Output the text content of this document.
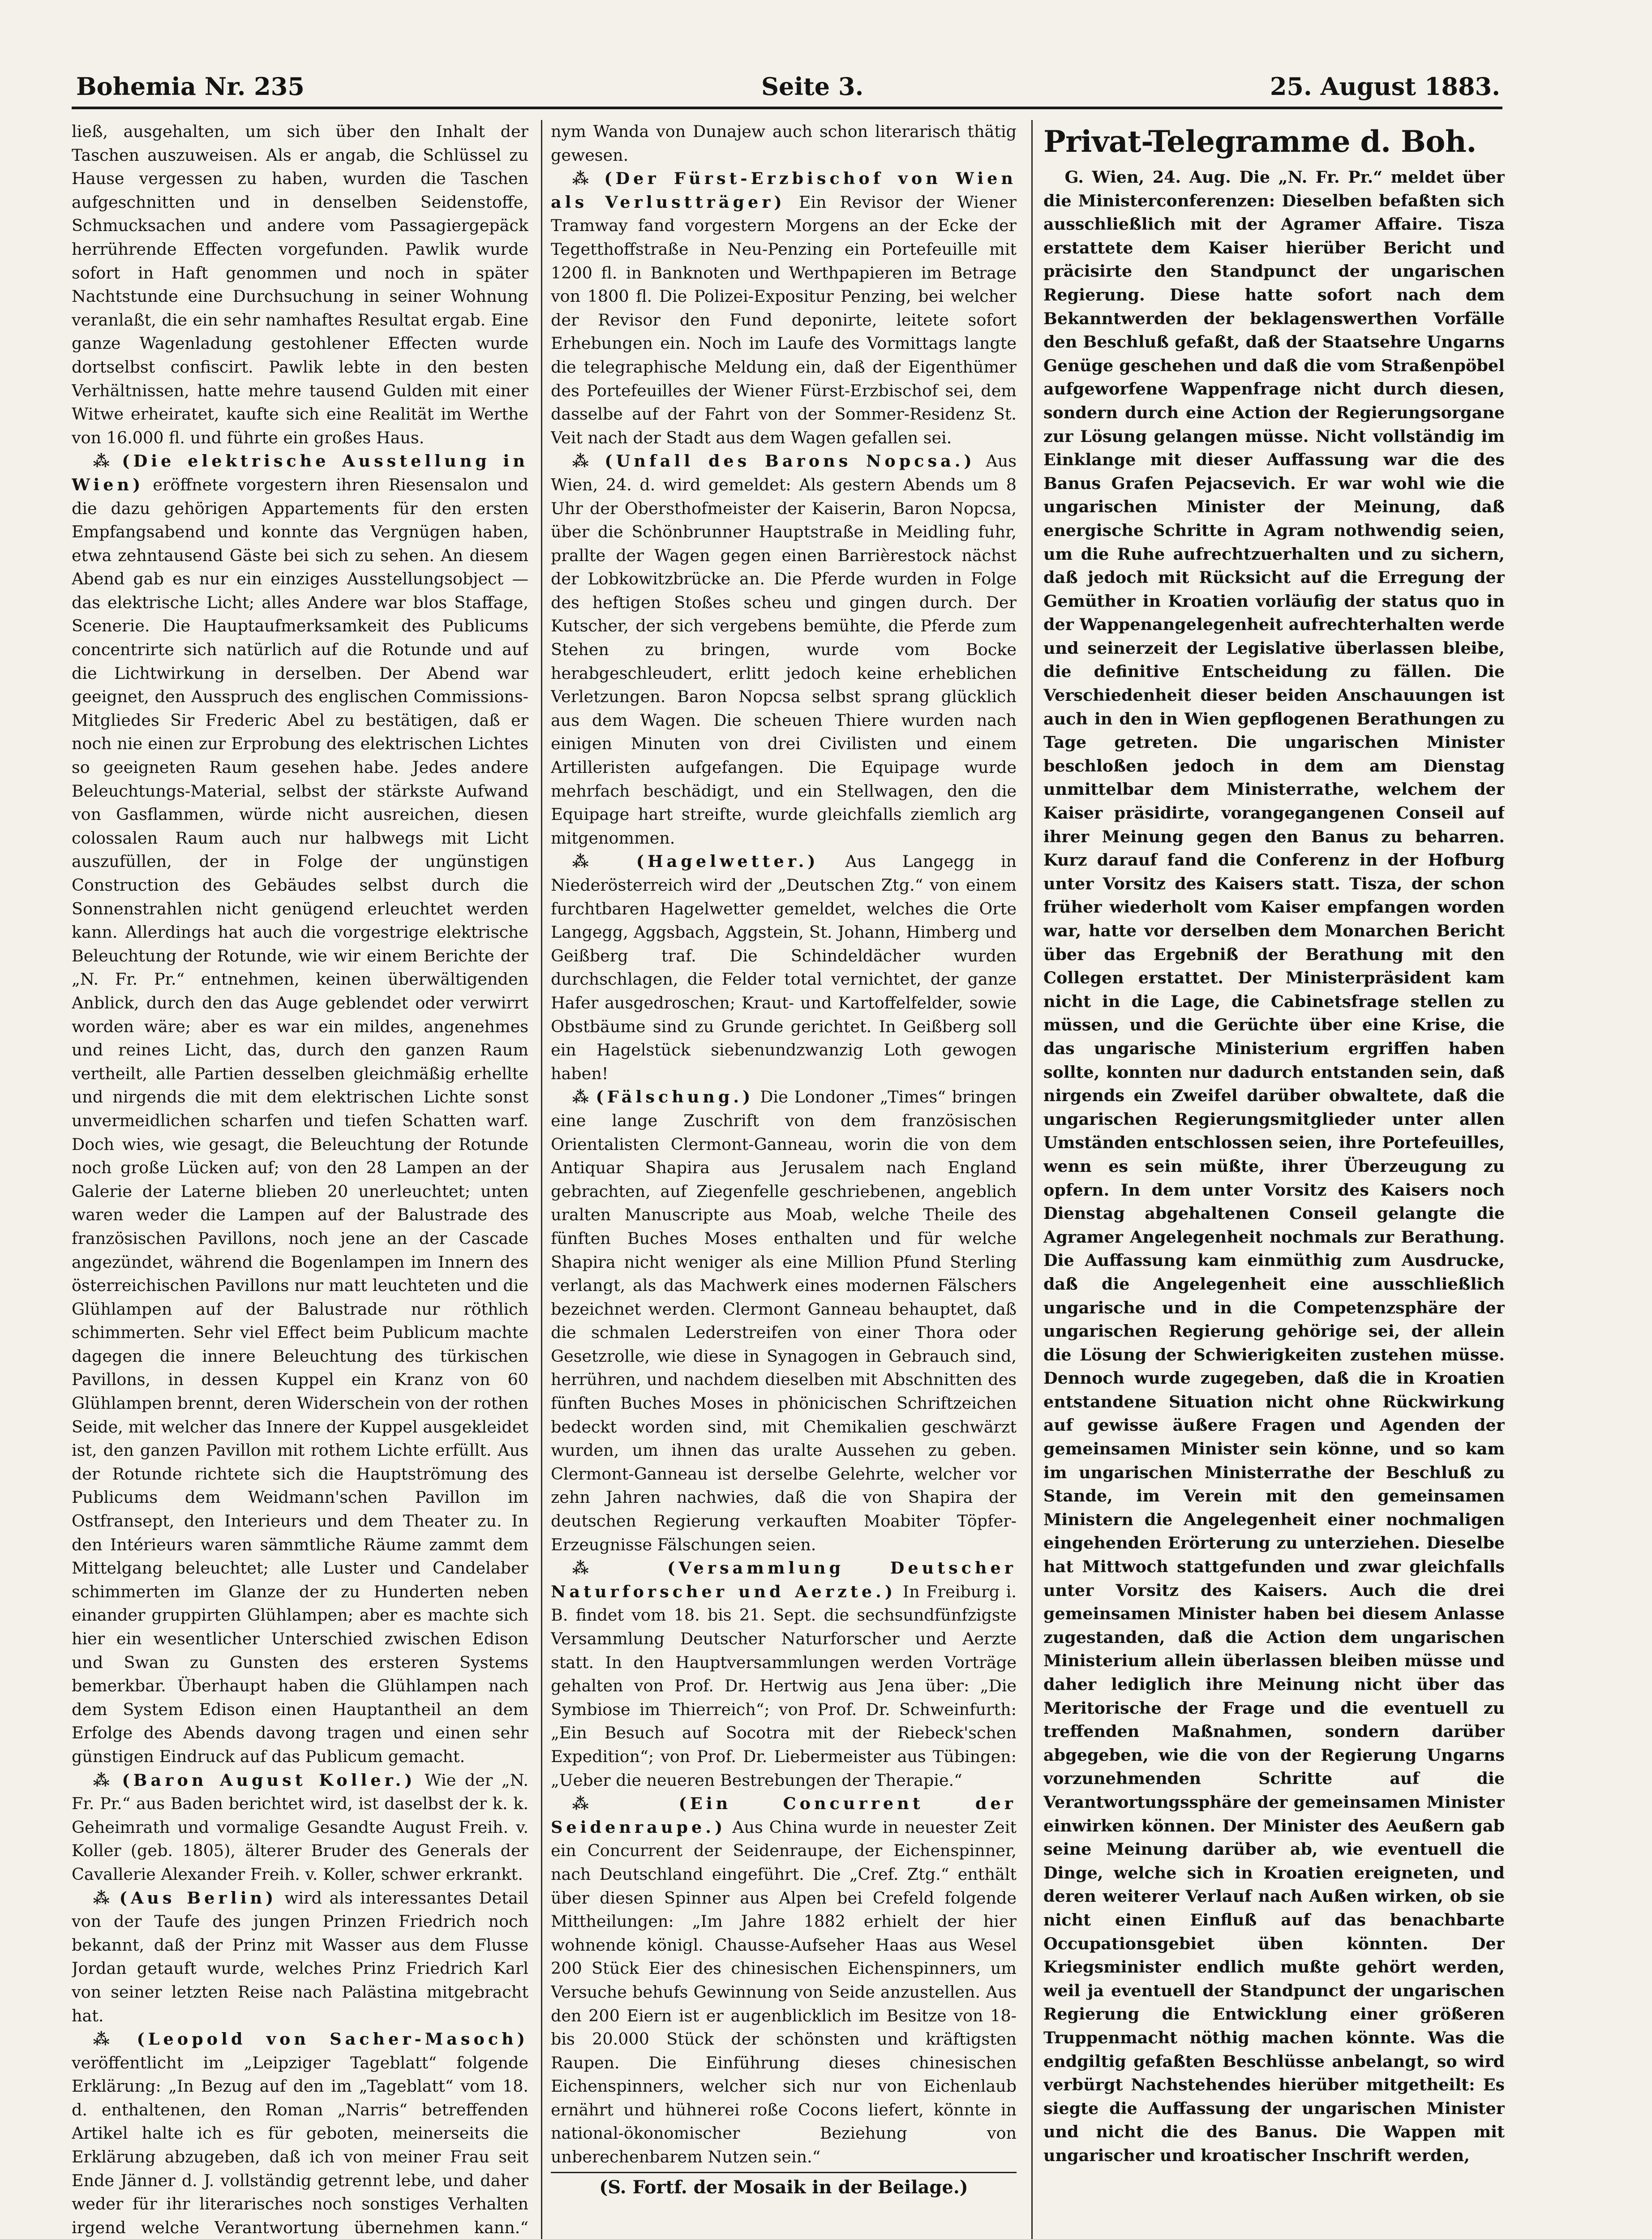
Bohemia Nr. 235	Seite 3.	25. August 1883.

ließ, ausgehalten, um sich über den Inhalt der Taschen auszuweisen. Als er angab, die Schlüssel zu Hause vergessen zu haben, wurden die Taschen aufgeschnitten und in denselben Seidenstoffe, Schmucksachen und andere vom Passagiergepäck herrührende Effecten vorgefunden. Pawlik wurde sofort in Haft genommen und noch in später Nachtstunde eine Durchsuchung in seiner Wohnung veranlaßt, die ein sehr namhaftes Resultat ergab. Eine ganze Wagenladung gestohlener Effecten wurde dortselbst confiscirt. Pawlik lebte in den besten Verhältnissen, hatte mehre tausend Gulden mit einer Witwe erheiratet, kaufte sich eine Realität im Werthe von 16.000 fl. und führte ein großes Haus.

⁂ (Die elektrische Ausstellung in Wien) eröffnete vorgestern ihren Riesensalon und die dazu gehörigen Appartements für den ersten Empfangsabend und konnte das Vergnügen haben, etwa zehntausend Gäste bei sich zu sehen. An diesem Abend gab es nur ein einziges Ausstellungsobject — das elektrische Licht; alles Andere war blos Staffage, Scenerie. Die Hauptaufmerksamkeit des Publicums concentrirte sich natürlich auf die Rotunde und auf die Lichtwirkung in derselben. Der Abend war geeignet, den Ausspruch des englischen Commissions-Mitgliedes Sir Frederic Abel zu bestätigen, daß er noch nie einen zur Erprobung des elektrischen Lichtes so geeigneten Raum gesehen habe. Jedes andere Beleuchtungs-Material, selbst der stärkste Aufwand von Gasflammen, würde nicht ausreichen, diesen colossalen Raum auch nur halbwegs mit Licht auszufüllen, der in Folge der ungünstigen Construction des Gebäudes selbst durch die Sonnenstrahlen nicht genügend erleuchtet werden kann. Allerdings hat auch die vorgestrige elektrische Beleuchtung der Rotunde, wie wir einem Berichte der „N. Fr. Pr.“ entnehmen, keinen überwältigenden Anblick, durch den das Auge geblendet oder verwirrt worden wäre; aber es war ein mildes, angenehmes und reines Licht, das, durch den ganzen Raum vertheilt, alle Partien desselben gleichmäßig erhellte und nirgends die mit dem elektrischen Lichte sonst unvermeidlichen scharfen und tiefen Schatten warf. Doch wies, wie gesagt, die Beleuchtung der Rotunde noch große Lücken auf; von den 28 Lampen an der Galerie der Laterne blieben 20 unerleuchtet; unten waren weder die Lampen auf der Balustrade des französischen Pavillons, noch jene an der Cascade angezündet, während die Bogenlampen im Innern des österreichischen Pavillons nur matt leuchteten und die Glühlampen auf der Balustrade nur röthlich schimmerten. Sehr viel Effect beim Publicum machte dagegen die innere Beleuchtung des türkischen Pavillons, in dessen Kuppel ein Kranz von 60 Glühlampen brennt, deren Widerschein von der rothen Seide, mit welcher das Innere der Kuppel ausgekleidet ist, den ganzen Pavillon mit rothem Lichte erfüllt. Aus der Rotunde richtete sich die Hauptströmung des Publicums dem Weidmann'schen Pavillon im Ostfransept, den Interieurs und dem Theater zu. In den Intérieurs waren sämmtliche Räume zammt dem Mittelgang beleuchtet; alle Luster und Candelaber schimmerten im Glanze der zu Hunderten neben einander gruppirten Glühlampen; aber es machte sich hier ein wesentlicher Unterschied zwischen Edison und Swan zu Gunsten des ersteren Systems bemerkbar. Überhaupt haben die Glühlampen nach dem System Edison einen Hauptantheil an dem Erfolge des Abends davong tragen und einen sehr günstigen Eindruck auf das Publicum gemacht.

⁂ (Baron August Koller.) Wie der „N. Fr. Pr.“ aus Baden berichtet wird, ist daselbst der k. k. Geheimrath und vormalige Gesandte August Freih. v. Koller (geb. 1805), älterer Bruder des Generals der Cavallerie Alexander Freih. v. Koller, schwer erkrankt.

⁂ (Aus Berlin) wird als interessantes Detail von der Taufe des jungen Prinzen Friedrich noch bekannt, daß der Prinz mit Wasser aus dem Flusse Jordan getauft wurde, welches Prinz Friedrich Karl von seiner letzten Reise nach Palästina mitgebracht hat.

⁂ (Leopold von Sacher-Masoch) veröffentlicht im „Leipziger Tageblatt“ folgende Erklärung: „In Bezug auf den im „Tageblatt“ vom 18. d. enthaltenen, den Roman „Narris“ betreffenden Artikel halte ich es für geboten, meinerseits die Erklärung abzugeben, daß ich von meiner Frau seit Ende Jänner d. J. vollständig getrennt lebe, und daher weder für ihr literarisches noch sonstiges Verhalten irgend welche Verantwortung übernehmen kann.“

nym Wanda von Dunajew auch schon literarisch thätig gewesen.

⁂ (Der Fürst-Erzbischof von Wien als Verlustträger) Ein Revisor der Wiener Tramway fand vorgestern Morgens an der Ecke der Tegetthoffstraße in Neu-Penzing ein Portefeuille mit 1200 fl. in Banknoten und Werthpapieren im Betrage von 1800 fl. Die Polizei-Expositur Penzing, bei welcher der Revisor den Fund deponirte, leitete sofort Erhebungen ein. Noch im Laufe des Vormittags langte die telegraphische Meldung ein, daß der Eigenthümer des Portefeuilles der Wiener Fürst-Erzbischof sei, dem dasselbe auf der Fahrt von der Sommer-Residenz St. Veit nach der Stadt aus dem Wagen gefallen sei.

⁂ (Unfall des Barons Nopcsa.) Aus Wien, 24. d. wird gemeldet: Als gestern Abends um 8 Uhr der Obersthofmeister der Kaiserin, Baron Nopcsa, über die Schönbrunner Hauptstraße in Meidling fuhr, prallte der Wagen gegen einen Barrièrestock nächst der Lobkowitzbrücke an. Die Pferde wurden in Folge des heftigen Stoßes scheu und gingen durch. Der Kutscher, der sich vergebens bemühte, die Pferde zum Stehen zu bringen, wurde vom Bocke herabgeschleudert, erlitt jedoch keine erheblichen Verletzungen. Baron Nopcsa selbst sprang glücklich aus dem Wagen. Die scheuen Thiere wurden nach einigen Minuten von drei Civilisten und einem Artilleristen aufgefangen. Die Equipage wurde mehrfach beschädigt, und ein Stellwagen, den die Equipage hart streifte, wurde gleichfalls ziemlich arg mitgenommen.

⁂ (Hagelwetter.) Aus Langegg in Niederösterreich wird der „Deutschen Ztg.“ von einem furchtbaren Hagelwetter gemeldet, welches die Orte Langegg, Aggsbach, Aggstein, St. Johann, Himberg und Geißberg traf. Die Schindeldächer wurden durchschlagen, die Felder total vernichtet, der ganze Hafer ausgedroschen; Kraut- und Kartoffelfelder, sowie Obstbäume sind zu Grunde gerichtet. In Geißberg soll ein Hagelstück siebenundzwanzig Loth gewogen haben!

⁂ (Fälschung.) Die Londoner „Times“ bringen eine lange Zuschrift von dem französischen Orientalisten Clermont-Ganneau, worin die von dem Antiquar Shapira aus Jerusalem nach England gebrachten, auf Ziegenfelle geschriebenen, angeblich uralten Manuscripte aus Moab, welche Theile des fünften Buches Moses enthalten und für welche Shapira nicht weniger als eine Million Pfund Sterling verlangt, als das Machwerk eines modernen Fälschers bezeichnet werden. Clermont Ganneau behauptet, daß die schmalen Lederstreifen von einer Thora oder Gesetzrolle, wie diese in Synagogen in Gebrauch sind, herrühren, und nachdem dieselben mit Abschnitten des fünften Buches Moses in phönicischen Schriftzeichen bedeckt worden sind, mit Chemikalien geschwärzt wurden, um ihnen das uralte Aussehen zu geben. Clermont-Ganneau ist derselbe Gelehrte, welcher vor zehn Jahren nachwies, daß die von Shapira der deutschen Regierung verkauften Moabiter Töpfer-Erzeugnisse Fälschungen seien.

⁂	(Versammlung Deutscher Naturforscher und Aerzte.) In Freiburg i. B. findet vom 18. bis 21. Sept. die sechsundfünfzigste Versammlung Deutscher Naturforscher und Aerzte statt. In den Hauptversammlungen werden Vorträge gehalten von Prof. Dr. Hertwig aus Jena über: „Die Symbiose im Thierreich“; von Prof. Dr. Schweinfurth: „Ein Besuch auf Socotra mit der Riebeck'schen Expedition“; von Prof. Dr. Liebermeister aus Tübingen: „Ueber die neueren Bestrebungen der Therapie.“

⁂	(Ein Concurrent der Seidenraupe.) Aus China wurde in neuester Zeit ein Concurrent der Seidenraupe, der Eichenspinner, nach Deutschland eingeführt. Die „Cref. Ztg.“ enthält über diesen Spinner aus Alpen bei Crefeld folgende Mittheilungen: „Im Jahre 1882 erhielt der hier wohnende königl. Chausse-Aufseher Haas aus Wesel 200 Stück Eier des chinesischen Eichenspinners, um Versuche behufs Gewinnung von Seide anzustellen. Aus den 200 Eiern ist er augenblicklich im Besitze von 18- bis 20.000 Stück der schönsten und kräftigsten Raupen. Die Einführung dieses chinesischen Eichenspinners, welcher sich nur von Eichenlaub ernährt und hühnerei roße Cocons liefert, könnte in national-ökonomischer Beziehung von unberechenbarem Nutzen sein.“

(S. Fortf. der Mosaik in der Beilage.)
Privat-Telegramme d. Boh.

G. Wien, 24. Aug. Die „N. Fr. Pr.“ meldet über die Ministerconferenzen: Dieselben befaßten sich ausschließlich mit der Agramer Affaire. Tisza erstattete dem Kaiser hierüber Bericht und präcisirte den Standpunct der ungarischen Regierung. Diese hatte sofort nach dem Bekanntwerden der beklagenswerthen Vorfälle den Beschluß gefaßt, daß der Staatsehre Ungarns Genüge geschehen und daß die vom Straßenpöbel aufgeworfene Wappenfrage nicht durch diesen, sondern durch eine Action der Regierungsorgane zur Lösung gelangen müsse. Nicht vollständig im Einklange mit dieser Auffassung war die des Banus Grafen Pejacsevich. Er war wohl wie die ungarischen Minister der Meinung, daß energische Schritte in Agram nothwendig seien, um die Ruhe aufrechtzuerhalten und zu sichern, daß jedoch mit Rücksicht auf die Erregung der Gemüther in Kroatien vorläufig der status quo in der Wappenangelegenheit aufrechterhalten werde und seinerzeit der Legislative überlassen bleibe, die definitive Entscheidung zu fällen. Die Verschiedenheit dieser beiden Anschauungen ist auch in den in Wien gepflogenen Berathungen zu Tage getreten. Die ungarischen Minister beschloßen jedoch in dem am Dienstag unmittelbar dem Ministerrathe, welchem der Kaiser präsidirte, vorangegangenen Conseil auf ihrer Meinung gegen den Banus zu beharren. Kurz darauf fand die Conferenz in der Hofburg unter Vorsitz des Kaisers statt. Tisza, der schon früher wiederholt vom Kaiser empfangen worden war, hatte vor derselben dem Monarchen Bericht über das Ergebniß der Berathung mit den Collegen erstattet. Der Ministerpräsident kam nicht in die Lage, die Cabinetsfrage stellen zu müssen, und die Gerüchte über eine Krise, die das ungarische Ministerium ergriffen haben sollte, konnten nur dadurch entstanden sein, daß nirgends ein Zweifel darüber obwaltete, daß die ungarischen Regierungsmitglieder unter allen Umständen entschlossen seien, ihre Portefeuilles, wenn es sein müßte, ihrer Überzeugung zu opfern. In dem unter Vorsitz des Kaisers noch Dienstag abgehaltenen Conseil gelangte die Agramer Angelegenheit nochmals zur Berathung. Die Auffassung kam einmüthig zum Ausdrucke, daß die Angelegenheit eine ausschließlich ungarische und in die Competenzsphäre der ungarischen Regierung gehörige sei, der allein die Lösung der Schwierigkeiten zustehen müsse. Dennoch wurde zugegeben, daß die in Kroatien entstandene Situation nicht ohne Rückwirkung auf gewisse äußere Fragen und Agenden der gemeinsamen Minister sein könne, und so kam im ungarischen Ministerrathe der Beschluß zu Stande, im Verein mit den gemeinsamen Ministern die Angelegenheit einer nochmaligen eingehenden Erörterung zu unterziehen. Dieselbe hat Mittwoch stattgefunden und zwar gleichfalls unter Vorsitz des Kaisers. Auch die drei gemeinsamen Minister haben bei diesem Anlasse zugestanden, daß die Action dem ungarischen Ministerium allein überlassen bleiben müsse und daher lediglich ihre Meinung nicht über das Meritorische der Frage und die eventuell zu treffenden Maßnahmen, sondern darüber abgegeben, wie die von der Regierung Ungarns vorzunehmenden Schritte auf die Verantwortungssphäre der gemeinsamen Minister einwirken können. Der Minister des Aeußern gab seine Meinung darüber ab, wie eventuell die Dinge, welche sich in Kroatien ereigneten, und deren weiterer Verlauf nach Außen wirken, ob sie nicht einen Einfluß auf das benachbarte Occupationsgebiet üben könnten. Der Kriegsminister endlich mußte gehört werden, weil ja eventuell der Standpunct der ungarischen Regierung die Entwicklung einer größeren Truppenmacht nöthig machen könnte. Was die endgiltig gefaßten Beschlüsse anbelangt, so wird verbürgt Nachstehendes hierüber mitgetheilt: Es siegte die Auffassung der ungarischen Minister und nicht die des Banus. Die Wappen mit ungarischer und kroatischer Inschrift werden,
